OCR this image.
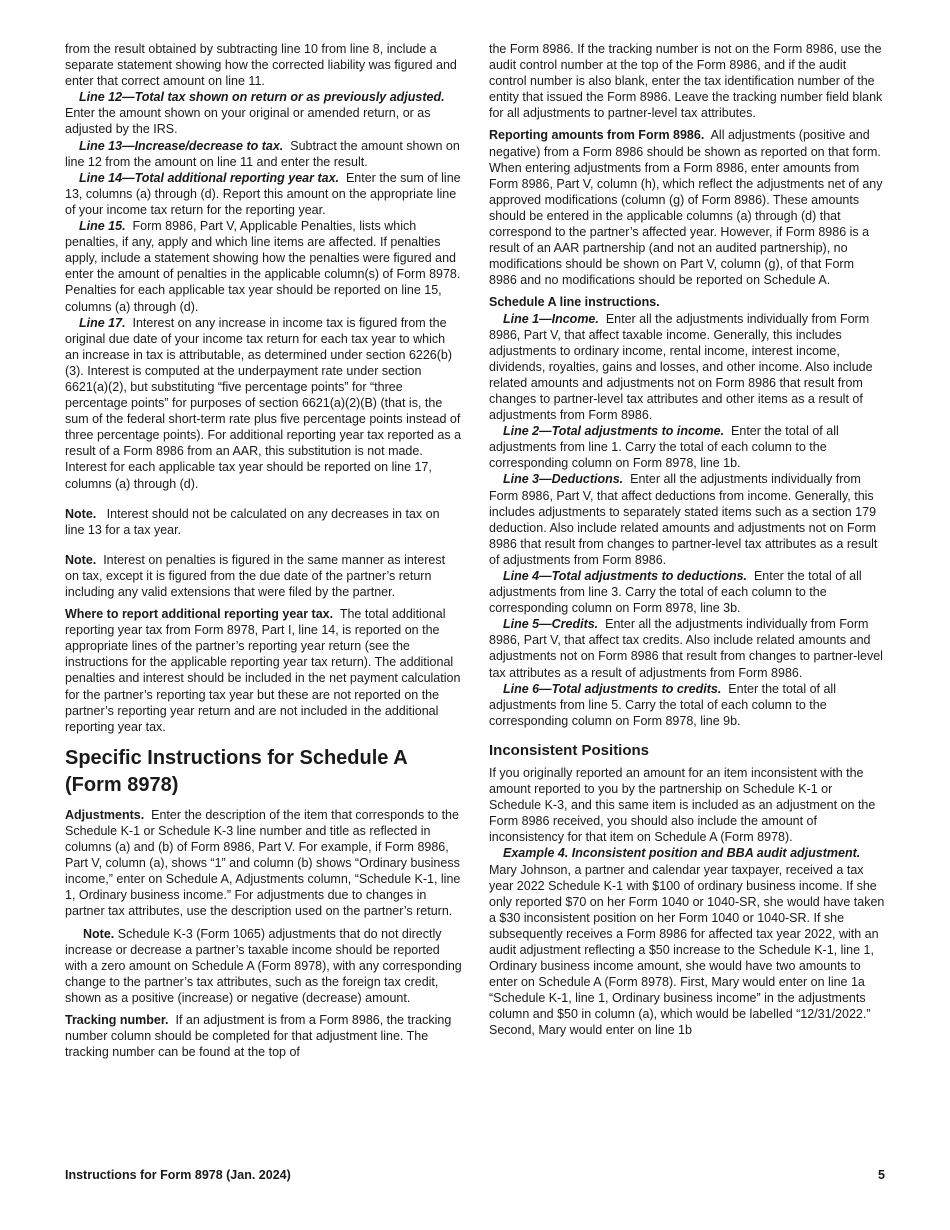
from the result obtained by subtracting line 10 from line 8, include a separate statement showing how the corrected liability was figured and enter that correct amount on line 11.

Line 12—Total tax shown on return or as previously adjusted.  Enter the amount shown on your original or amended return, or as adjusted by the IRS.

Line 13—Increase/decrease to tax. Subtract the amount shown on line 12 from the amount on line 11 and enter the result.

Line 14—Total additional reporting year tax. Enter the sum of line 13, columns (a) through (d). Report this amount on the appropriate line of your income tax return for the reporting year.

Line 15. Form 8986, Part V, Applicable Penalties, lists which penalties, if any, apply and which line items are affected. If penalties apply, include a statement showing how the penalties were figured and enter the amount of penalties in the applicable column(s) of Form 8978. Penalties for each applicable tax year should be reported on line 15, columns (a) through (d).

Line 17. Interest on any increase in income tax is figured from the original due date of your income tax return for each tax year to which an increase in tax is attributable, as determined under section 6226(b)(3). Interest is computed at the underpayment rate under section 6621(a)(2), but substituting “five percentage points” for “three percentage points” for purposes of section 6621(a)(2)(B) (that is, the sum of the federal short-term rate plus five percentage points instead of three percentage points). For additional reporting year tax reported as a result of a Form 8986 from an AAR, this substitution is not made. Interest for each applicable tax year should be reported on line 17, columns (a) through (d).

Note. Interest should not be calculated on any decreases in tax on line 13 for a tax year.

Note. Interest on penalties is figured in the same manner as interest on tax, except it is figured from the due date of the partner’s return including any valid extensions that were filed by the partner.

Where to report additional reporting year tax. The total additional reporting year tax from Form 8978, Part I, line 14, is reported on the appropriate lines of the partner’s reporting year return (see the instructions for the applicable reporting year tax return). The additional penalties and interest should be included in the net payment calculation for the partner’s reporting tax year but these are not reported on the partner’s reporting year return and are not included in the additional reporting year tax.

Specific Instructions for Schedule A (Form 8978)

Adjustments. Enter the description of the item that corresponds to the Schedule K-1 or Schedule K-3 line number and title as reflected in columns (a) and (b) of Form 8986, Part V. For example, if Form 8986, Part V, column (a), shows “1” and column (b) shows “Ordinary business income,” enter on Schedule A, Adjustments column, “Schedule K-1, line 1, Ordinary business income.” For adjustments due to changes in partner tax attributes, use the description used on the partner’s return.

Note. Schedule K-3 (Form 1065) adjustments that do not directly increase or decrease a partner’s taxable income should be reported with a zero amount on Schedule A (Form 8978), with any corresponding change to the partner’s tax attributes, such as the foreign tax credit, shown as a positive (increase) or negative (decrease) amount.

Tracking number. If an adjustment is from a Form 8986, the tracking number column should be completed for that adjustment line. The tracking number can be found at the top of

the Form 8986. If the tracking number is not on the Form 8986, use the audit control number at the top of the Form 8986, and if the audit control number is also blank, enter the tax identification number of the entity that issued the Form 8986. Leave the tracking number field blank for all adjustments to partner-level tax attributes.

Reporting amounts from Form 8986. All adjustments (positive and negative) from a Form 8986 should be shown as reported on that form. When entering adjustments from a Form 8986, enter amounts from Form 8986, Part V, column (h), which reflect the adjustments net of any approved modifications (column (g) of Form 8986). These amounts should be entered in the applicable columns (a) through (d) that correspond to the partner’s affected year. However, if Form 8986 is a result of an AAR partnership (and not an audited partnership), no modifications should be shown on Part V, column (g), of that Form 8986 and no modifications should be reported on Schedule A.

Schedule A line instructions.

Line 1—Income. Enter all the adjustments individually from Form 8986, Part V, that affect taxable income. Generally, this includes adjustments to ordinary income, rental income, interest income, dividends, royalties, gains and losses, and other income. Also include related amounts and adjustments not on Form 8986 that result from changes to partner-level tax attributes and other items as a result of adjustments from Form 8986.

Line 2—Total adjustments to income. Enter the total of all adjustments from line 1. Carry the total of each column to the corresponding column on Form 8978, line 1b.

Line 3—Deductions. Enter all the adjustments individually from Form 8986, Part V, that affect deductions from income. Generally, this includes adjustments to separately stated items such as a section 179 deduction. Also include related amounts and adjustments not on Form 8986 that result from changes to partner-level tax attributes as a result of adjustments from Form 8986.

Line 4—Total adjustments to deductions. Enter the total of all adjustments from line 3. Carry the total of each column to the corresponding column on Form 8978, line 3b.

Line 5—Credits. Enter all the adjustments individually from Form 8986, Part V, that affect tax credits. Also include related amounts and adjustments not on Form 8986 that result from changes to partner-level tax attributes as a result of adjustments from Form 8986.

Line 6—Total adjustments to credits. Enter the total of all adjustments from line 5. Carry the total of each column to the corresponding column on Form 8978, line 9b.

Inconsistent Positions

If you originally reported an amount for an item inconsistent with the amount reported to you by the partnership on Schedule K-1 or Schedule K-3, and this same item is included as an adjustment on the Form 8986 received, you should also include the amount of inconsistency for that item on Schedule A (Form 8978).

Example 4. Inconsistent position and BBA audit adjustment.  Mary Johnson, a partner and calendar year taxpayer, received a tax year 2022 Schedule K-1 with $100 of ordinary business income. If she only reported $70 on her Form 1040 or 1040-SR, she would have taken a $30 inconsistent position on her Form 1040 or 1040-SR. If she subsequently receives a Form 8986 for affected tax year 2022, with an audit adjustment reflecting a $50 increase to the Schedule K-1, line 1, Ordinary business income amount, she would have two amounts to enter on Schedule A (Form 8978). First, Mary would enter on line 1a “Schedule K-1, line 1, Ordinary business income” in the adjustments column and $50 in column (a), which would be labelled “12/31/2022.” Second, Mary would enter on line 1b

Instructions for Form 8978 (Jan. 2024)	5
